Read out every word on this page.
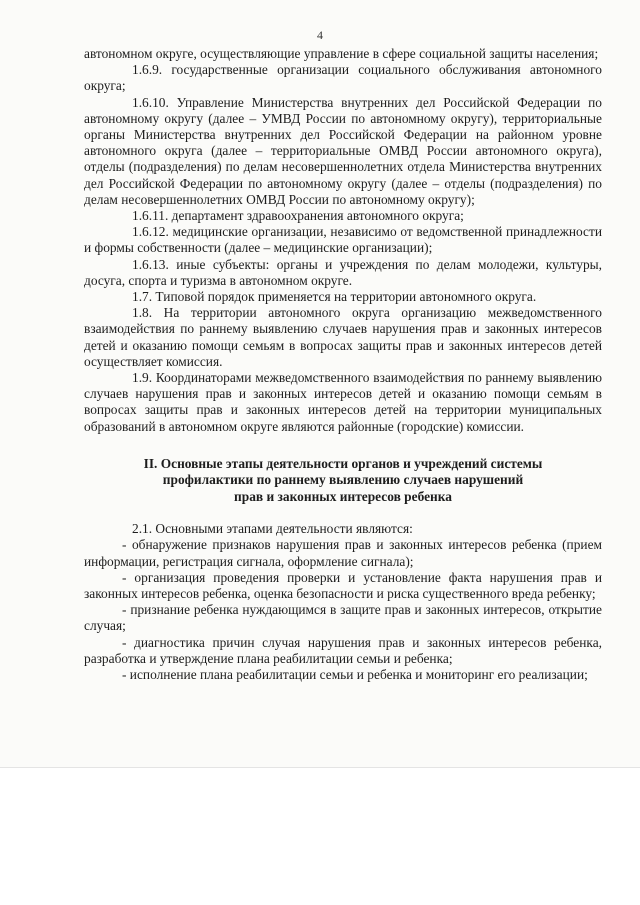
4

автономном округе, осуществляющие управление в сфере социальной защиты населения;

1.6.9. государственные организации социального обслуживания автономного округа;

1.6.10. Управление Министерства внутренних дел Российской Федерации по автономному округу (далее – УМВД России по автономному округу), территориальные органы Министерства внутренних дел Российской Федерации на районном уровне автономного округа (далее – территориальные ОМВД России автономного округа), отделы (подразделения) по делам несовершеннолетних отдела Министерства внутренних дел Российской Федерации по автономному округу (далее – отделы (подразделения) по делам несовершеннолетних ОМВД России по автономному округу);

1.6.11. департамент здравоохранения автономного округа;

1.6.12. медицинские организации, независимо от ведомственной принадлежности и формы собственности (далее – медицинские организации);

1.6.13. иные субъекты: органы и учреждения по делам молодежи, культуры, досуга, спорта и туризма в автономном округе.

1.7. Типовой порядок применяется на территории автономного округа.

1.8. На территории автономного округа организацию межведомственного взаимодействия по раннему выявлению случаев нарушения прав и законных интересов детей и оказанию помощи семьям в вопросах защиты прав и законных интересов детей осуществляет комиссия.

1.9. Координаторами межведомственного взаимодействия по раннему выявлению случаев нарушения прав и законных интересов детей и оказанию помощи семьям в вопросах защиты прав и законных интересов детей на территории муниципальных образований в автономном округе являются районные (городские) комиссии.

II. Основные этапы деятельности органов и учреждений системы
профилактики по раннему выявлению случаев нарушений
прав и законных интересов ребенка

2.1. Основными этапами деятельности являются:

- обнаружение признаков нарушения прав и законных интересов ребенка (прием информации, регистрация сигнала, оформление сигнала);

- организация проведения проверки и установление факта нарушения прав и законных интересов ребенка, оценка безопасности и риска существенного вреда ребенку;

- признание ребенка нуждающимся в защите прав и законных интересов, открытие случая;

- диагностика причин случая нарушения прав и законных интересов ребенка, разработка и утверждение плана реабилитации семьи и ребенка;

- исполнение плана реабилитации семьи и ребенка и мониторинг его реализации;
